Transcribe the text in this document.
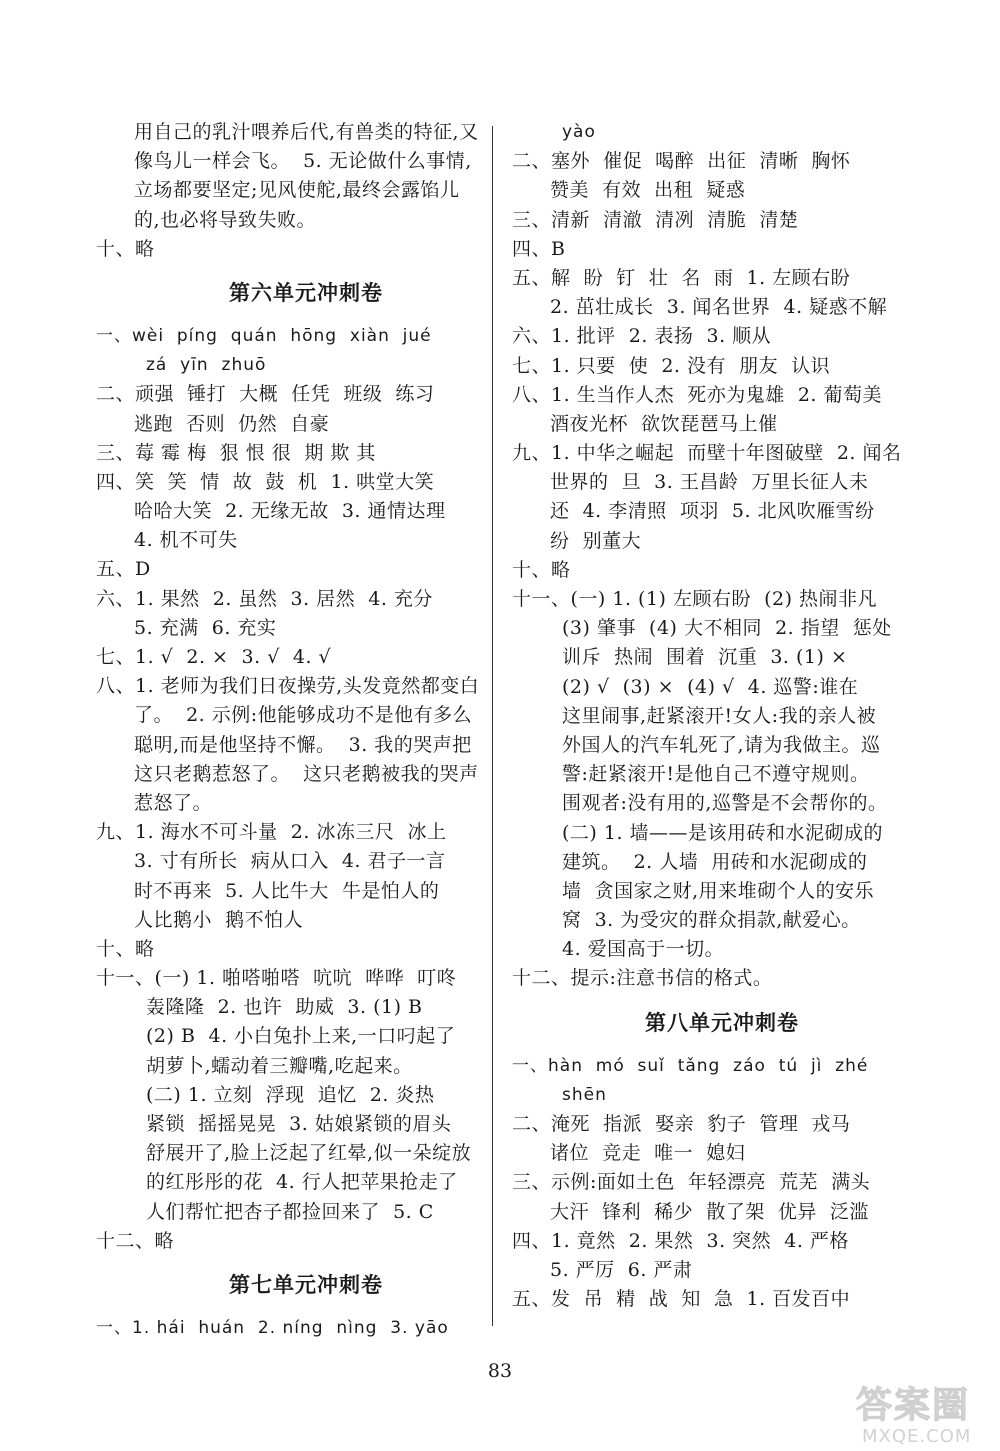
用自己的乳汁喂养后代,有兽类的特征,又
像鸟儿一样会飞。  5. 无论做什么事情,
立场都要坚定;见风使舵,最终会露馅儿
的,也必将导致失败。
十、略
第六单元冲刺卷
一、wèi  píng  quán  hōng  xiàn  jué
zá  yīn  zhuō
二、顽强  锤打  大概  任凭  班级  练习
逃跑  否则  仍然  自豪
三、莓 霉 梅  狠 恨 很  期 欺 其
四、笑  笑  情  故  鼓  机  1. 哄堂大笑
哈哈大笑  2. 无缘无故  3. 通情达理
4. 机不可失
五、D
六、1. 果然  2. 虽然  3. 居然  4. 充分
5. 充满  6. 充实
七、1. √  2. ×  3. √  4. √
八、1. 老师为我们日夜操劳,头发竟然都变白
了。  2. 示例:他能够成功不是他有多么
聪明,而是他坚持不懈。  3. 我的哭声把
这只老鹅惹怒了。  这只老鹅被我的哭声
惹怒了。
九、1. 海水不可斗量  2. 冰冻三尺  冰上
3. 寸有所长  病从口入  4. 君子一言
时不再来  5. 人比牛大  牛是怕人的
人比鹅小  鹅不怕人
十、略
十一、(一) 1. 啪嗒啪嗒  吭吭  哗哗  叮咚
轰隆隆  2. 也许  助威  3. (1) B
(2) B  4. 小白兔扑上来,一口叼起了
胡萝卜,蠕动着三瓣嘴,吃起来。
(二) 1. 立刻  浮现  追忆  2. 炎热
紧锁  摇摇晃晃  3. 姑娘紧锁的眉头
舒展开了,脸上泛起了红晕,似一朵绽放
的红彤彤的花  4. 行人把苹果抢走了
人们帮忙把杏子都捡回来了  5. C
十二、略
第七单元冲刺卷
一、1. hái  huán  2. níng  nìng  3. yāo
yào
二、塞外  催促  喝醉  出征  清晰  胸怀
赞美  有效  出租  疑惑
三、清新  清澈  清冽  清脆  清楚
四、B
五、解  盼  钉  壮  名  雨  1. 左顾右盼
2. 茁壮成长  3. 闻名世界  4. 疑惑不解
六、1. 批评  2. 表扬  3. 顺从
七、1. 只要  使  2. 没有  朋友  认识
八、1. 生当作人杰  死亦为鬼雄  2. 葡萄美
酒夜光杯  欲饮琵琶马上催
九、1. 中华之崛起  而壁十年图破壁  2. 闻名
世界的  旦  3. 王昌龄  万里长征人未
还  4. 李清照  项羽  5. 北风吹雁雪纷
纷  别董大
十、略
十一、(一) 1. (1) 左顾右盼  (2) 热闹非凡
(3) 肇事  (4) 大不相同  2. 指望  惩处
训斥  热闹  围着  沉重  3. (1) ×
(2) √  (3) ×  (4) √  4. 巡警:谁在
这里闹事,赶紧滚开!女人:我的亲人被
外国人的汽车轧死了,请为我做主。巡
警:赶紧滚开!是他自己不遵守规则。
围观者:没有用的,巡警是不会帮你的。
(二) 1. 墙——是该用砖和水泥砌成的
建筑。  2. 人墙  用砖和水泥砌成的
墙  贪国家之财,用来堆砌个人的安乐
窝  3. 为受灾的群众捐款,献爱心。
4. 爱国高于一切。
十二、提示:注意书信的格式。
第八单元冲刺卷
一、hàn  mó  suǐ  tǎng  záo  tú  jì  zhé
shēn
二、淹死  指派  娶亲  豹子  管理  戎马
诸位  竞走  唯一  媳妇
三、示例:面如土色  年轻漂亮  荒芜  满头
大汗  锋利  稀少  散了架  优异  泛滥
四、1. 竟然  2. 果然  3. 突然  4. 严格
5. 严厉  6. 严肃
五、发  吊  精  战  知  急  1. 百发百中
83
答案圈
MXQE.COM
